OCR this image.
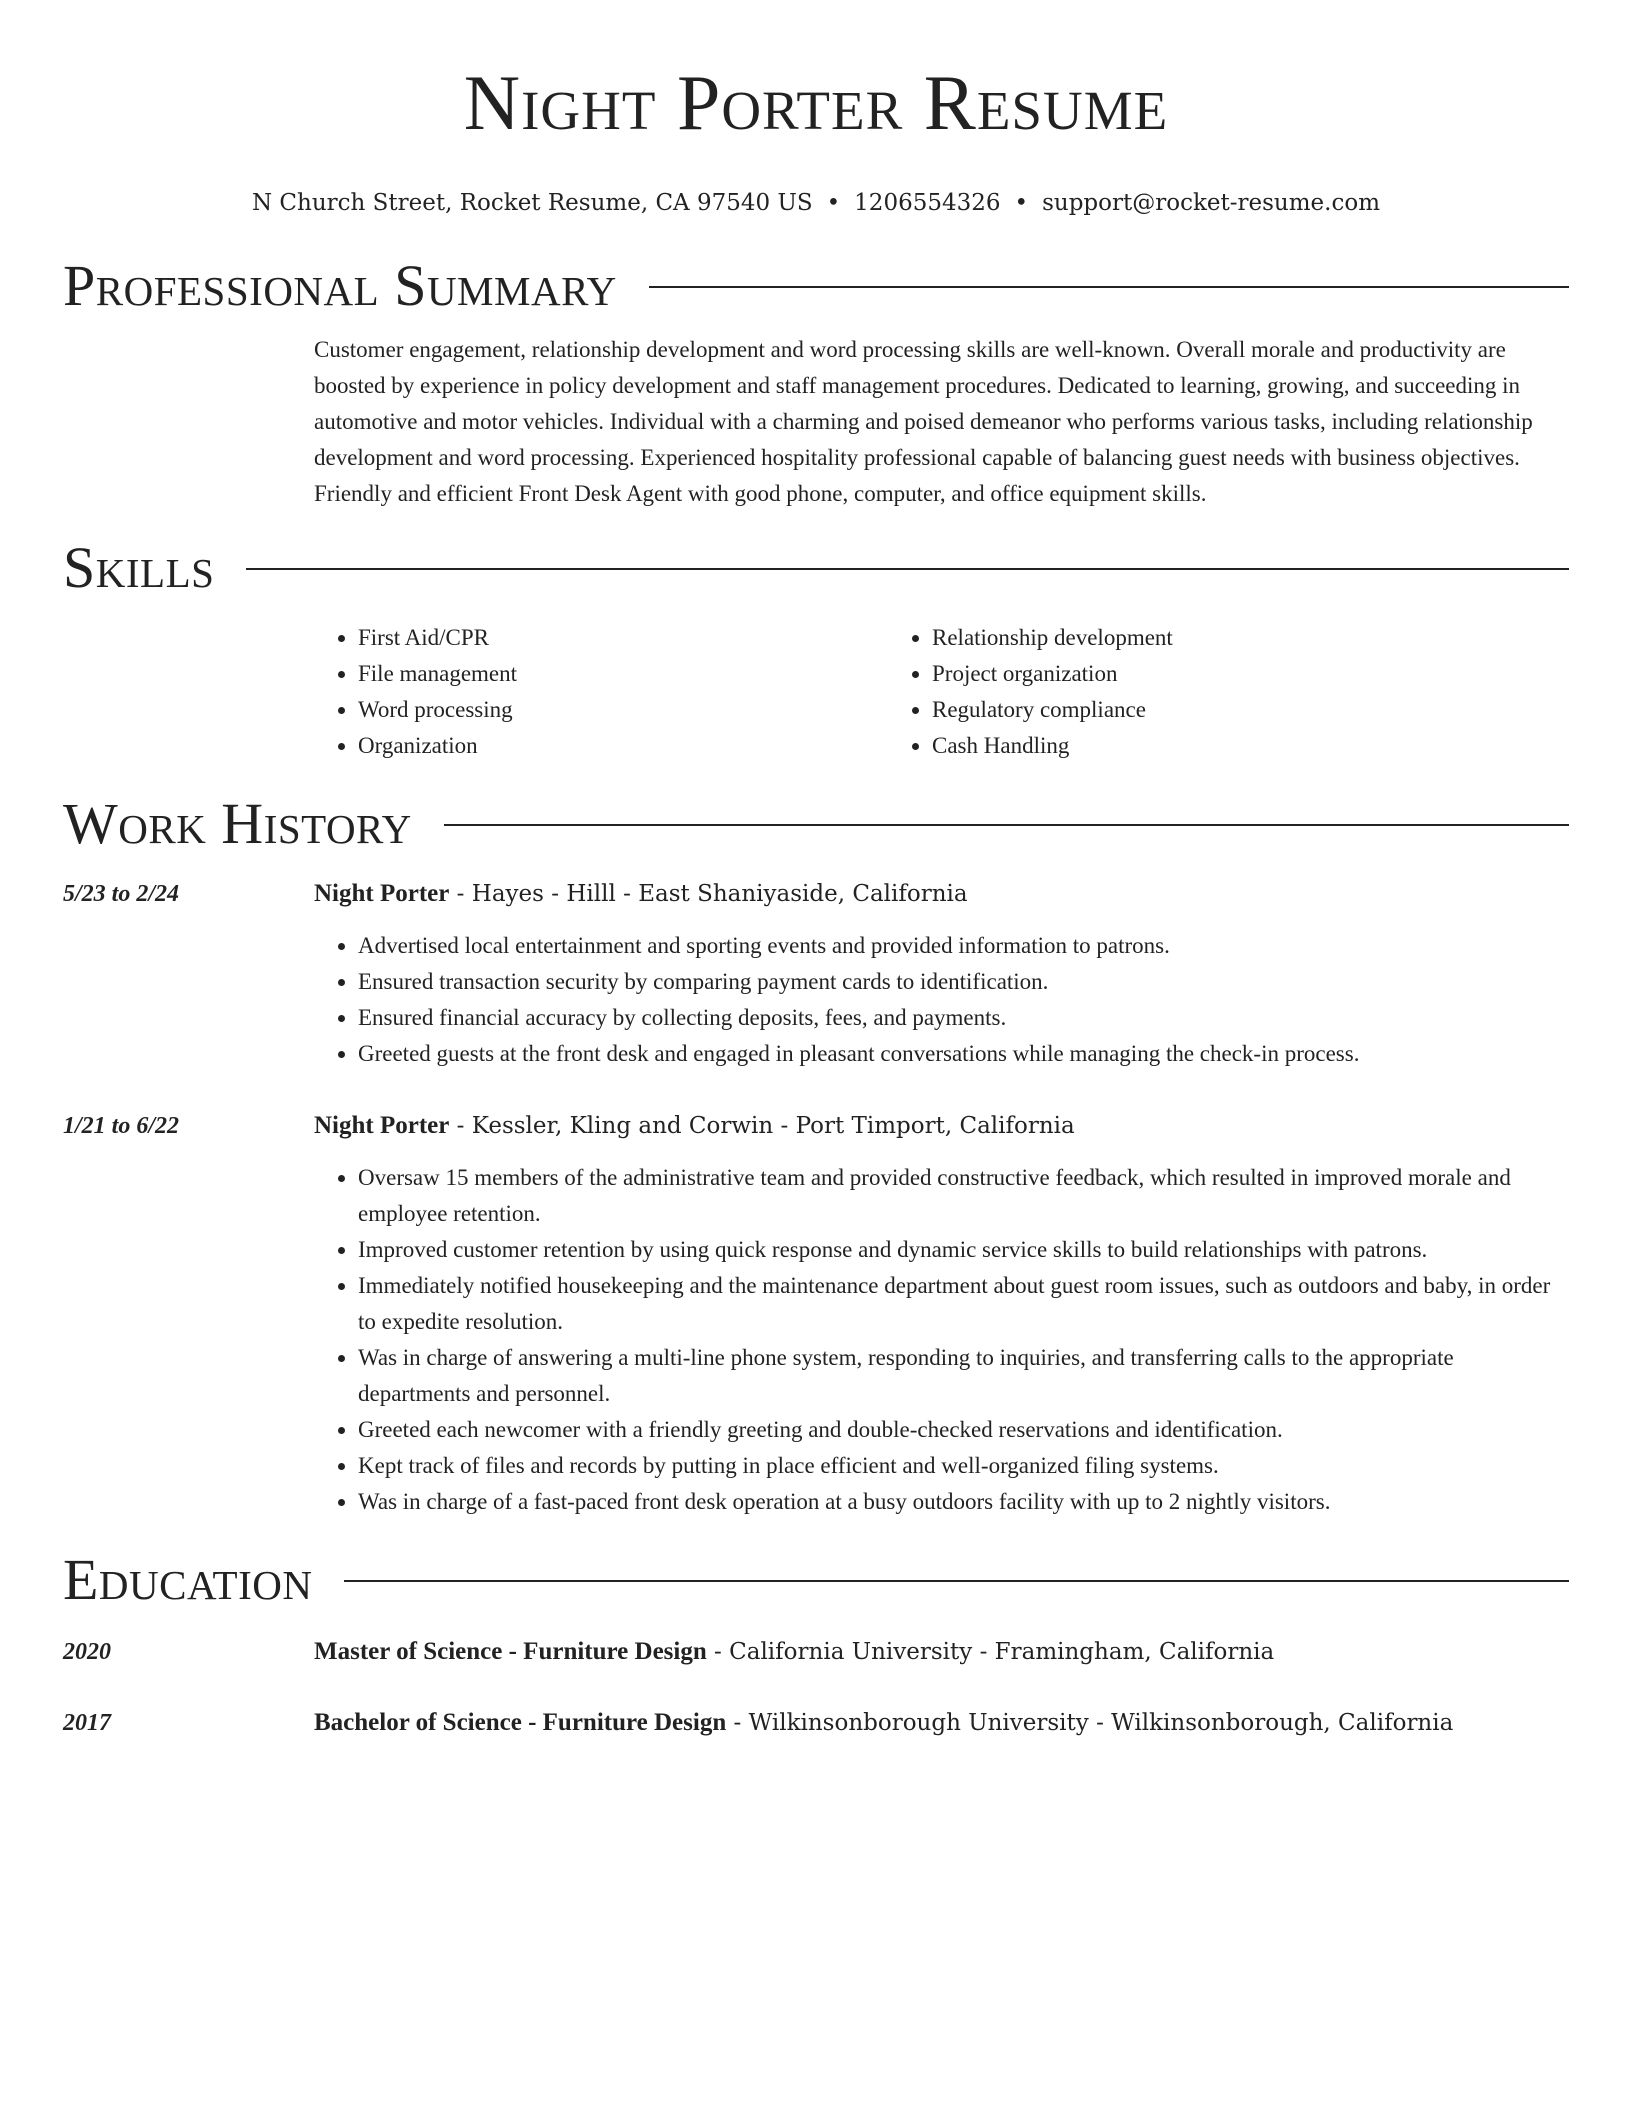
Night Porter Resume
N Church Street, Rocket Resume, CA 97540 US • 1206554326 • support@rocket-resume.com
Professional Summary
Customer engagement, relationship development and word processing skills are well-known. Overall morale and productivity are boosted by experience in policy development and staff management procedures. Dedicated to learning, growing, and succeeding in automotive and motor vehicles. Individual with a charming and poised demeanor who performs various tasks, including relationship development and word processing. Experienced hospitality professional capable of balancing guest needs with business objectives. Friendly and efficient Front Desk Agent with good phone, computer, and office equipment skills.
Skills
• First Aid/CPR
• File management
• Word processing
• Organization
• Relationship development
• Project organization
• Regulatory compliance
• Cash Handling
Work History
5/23 to 2/24	Night Porter - Hayes - Hilll - East Shaniyaside, California
• Advertised local entertainment and sporting events and provided information to patrons.
• Ensured transaction security by comparing payment cards to identification.
• Ensured financial accuracy by collecting deposits, fees, and payments.
• Greeted guests at the front desk and engaged in pleasant conversations while managing the check-in process.
1/21 to 6/22	Night Porter - Kessler, Kling and Corwin - Port Timport, California
• Oversaw 15 members of the administrative team and provided constructive feedback, which resulted in improved morale and employee retention.
• Improved customer retention by using quick response and dynamic service skills to build relationships with patrons.
• Immediately notified housekeeping and the maintenance department about guest room issues, such as outdoors and baby, in order to expedite resolution.
• Was in charge of answering a multi-line phone system, responding to inquiries, and transferring calls to the appropriate departments and personnel.
• Greeted each newcomer with a friendly greeting and double-checked reservations and identification.
• Kept track of files and records by putting in place efficient and well-organized filing systems.
• Was in charge of a fast-paced front desk operation at a busy outdoors facility with up to 2 nightly visitors.
Education
2020	Master of Science - Furniture Design - California University - Framingham, California
2017	Bachelor of Science - Furniture Design - Wilkinsonborough University - Wilkinsonborough, California
